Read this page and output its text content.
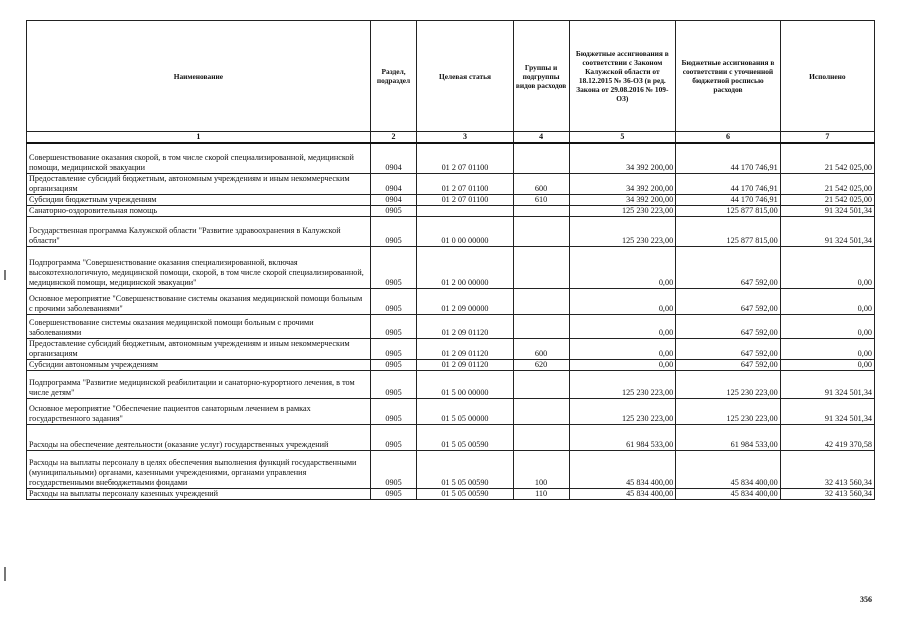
Наименование	Раздел, подраздел	Целевая статья	Группы и подгруппы видов расходов	Бюджетные ассигнования в соответствии с Законом Калужской области от 18.12.2015 № 36-ОЗ (в ред. Закона от 29.08.2016 № 109-ОЗ)	Бюджетные ассигнования в соответствии с уточненной бюджетной росписью расходов	Исполнено
1	2	3	4	5	6	7
Совершенствование оказания скорой, в том числе скорой специализированной, медицинской помощи, медицинской эвакуации	0904	01 2 07 01100		34 392 200,00	44 170 746,91	21 542 025,00
Предоставление субсидий бюджетным, автономным учреждениям и иным некоммерческим организациям	0904	01 2 07 01100	600	34 392 200,00	44 170 746,91	21 542 025,00
Субсидии бюджетным учреждениям	0904	01 2 07 01100	610	34 392 200,00	44 170 746,91	21 542 025,00
Санаторно-оздоровительная помощь	0905			125 230 223,00	125 877 815,00	91 324 501,34
Государственная программа Калужской области "Развитие здравоохранения в Калужской области"	0905	01 0 00 00000		125 230 223,00	125 877 815,00	91 324 501,34
Подпрограмма "Совершенствование оказания специализированной, включая высокотехнологичную, медицинской помощи, скорой, в том числе скорой специализированной, медицинской помощи, медицинской эвакуации"	0905	01 2 00 00000		0,00	647 592,00	0,00
Основное мероприятие "Совершенствование системы оказания медицинской помощи больным с прочими заболеваниями"	0905	01 2 09 00000		0,00	647 592,00	0,00
Совершенствование системы оказания медицинской помощи больным с прочими заболеваниями	0905	01 2 09 01120		0,00	647 592,00	0,00
Предоставление субсидий бюджетным, автономным учреждениям и иным некоммерческим организациям	0905	01 2 09 01120	600	0,00	647 592,00	0,00
Субсидии автономным учреждениям	0905	01 2 09 01120	620	0,00	647 592,00	0,00
Подпрограмма "Развитие медицинской реабилитации и санаторно-курортного лечения, в том числе детям"	0905	01 5 00 00000		125 230 223,00	125 230 223,00	91 324 501,34
Основное мероприятие "Обеспечение пациентов санаторным лечением в рамках государственного задания"	0905	01 5 05 00000		125 230 223,00	125 230 223,00	91 324 501,34
Расходы на обеспечение деятельности (оказание услуг) государственных учреждений	0905	01 5 05 00590		61 984 533,00	61 984 533,00	42 419 370,58
Расходы на выплаты персоналу в целях обеспечения выполнения функций государственными (муниципальными) органами, казенными учреждениями, органами управления государственными внебюджетными фондами	0905	01 5 05 00590	100	45 834 400,00	45 834 400,00	32 413 560,34
Расходы на выплаты персоналу казенных учреждений	0905	01 5 05 00590	110	45 834 400,00	45 834 400,00	32 413 560,34
356
